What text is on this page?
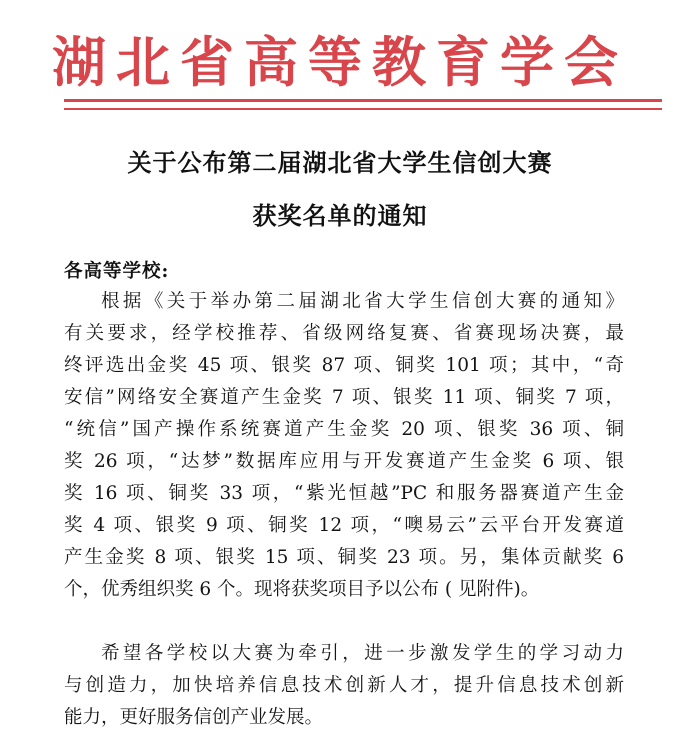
湖北省高等教育学会
关于公布第二届湖北省大学生信创大赛
获奖名单的通知
各高等学校:
根据《关于举办第二届湖北省大学生信创大赛的通知》
有关要求，经学校推荐、省级网络复赛、省赛现场决赛，最
终评选出金奖 45 项、银奖 87 项、铜奖 101 项；其中，“奇
安信”网络安全赛道产生金奖 7 项、银奖 11 项、铜奖 7 项，
“统信”国产操作系统赛道产生金奖 20 项、银奖 36 项、铜
奖 26 项，“达梦”数据库应用与开发赛道产生金奖 6 项、银
奖 16 项、铜奖 33 项，“紫光恒越”PC 和服务器赛道产生金
奖 4 项、银奖 9 项、铜奖 12 项，“噢易云”云平台开发赛道
产生金奖 8 项、银奖 15 项、铜奖 23 项。另，集体贡献奖 6
个，优秀组织奖 6 个。现将获奖项目予以公布 ( 见附件)。
希望各学校以大赛为牵引，进一步激发学生的学习动力
与创造力，加快培养信息技术创新人才，提升信息技术创新
能力，更好服务信创产业发展。
